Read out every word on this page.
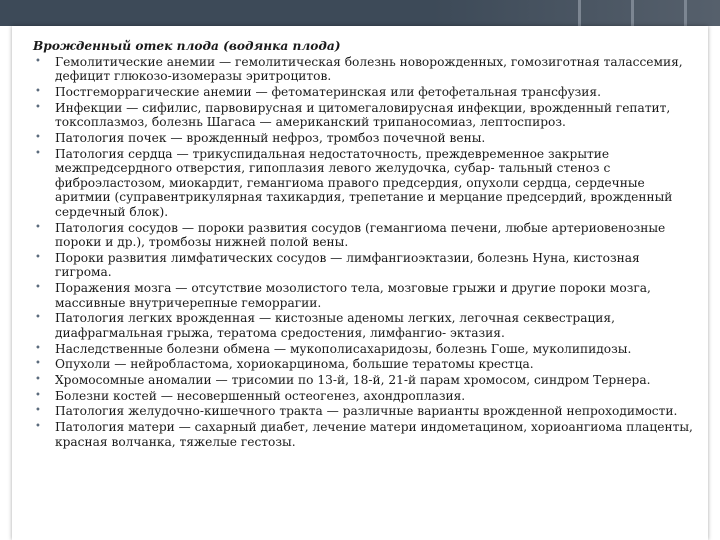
Врожденный отек плода (водянка плода)
• Гемолитические анемии — гемолитическая болезнь новорожденных, гомозиготная талассемия, дефицит глюкозо-изомеразы эритроцитов.
• Постгеморрагические анемии — фетоматеринская или фетофетальная трансфузия.
• Инфекции — сифилис, парвовирусная и цитомегаловирусная инфекции, врожденный гепатит, токсоплазмоз, болезнь Шагаса — американский трипаносомиаз, лептоспироз.
• Патология почек — врожденный нефроз, тромбоз почечной вены.
• Патология сердца — трикуспидальная недостаточность, преждевременное закрытие межпредсердного отверстия, гипоплазия левого желудочка, субар- тальный стеноз с фиброэластозом, миокардит, гемангиома правого предсердия, опухоли сердца, сердечные аритмии (суправентрикулярная тахикардия, трепетание и мерцание предсердий, врожденный сердечный блок).
• Патология сосудов — пороки развития сосудов (гемангиома печени, любые артериовенозные пороки и др.), тромбозы нижней полой вены.
• Пороки развития лимфатических сосудов — лимфангиоэктазии, болезнь Нуна, кистозная гигрома.
• Поражения мозга — отсутствие мозолистого тела, мозговые грыжи и другие пороки мозга, массивные внутричерепные геморрагии.
• Патология легких врожденная — кистозные аденомы легких, легочная секвестрация, диафрагмальная грыжа, тератома средостения, лимфангио- эктазия.
• Наследственные болезни обмена — мукополисахаридозы, болезнь Гоше, муколипидозы.
• Опухоли — нейробластома, хориокарцинома, большие тератомы крестца.
• Хромосомные аномалии — трисомии по 13-й, 18-й, 21-й парам хромосом, синдром Тернера.
• Болезни костей — несовершенный остеогенез, ахондроплазия.
• Патология желудочно-кишечного тракта — различные варианты врожденной непроходимости.
• Патология матери — сахарный диабет, лечение матери индометацином, хориоангиома плаценты, красная волчанка, тяжелые гестозы.
